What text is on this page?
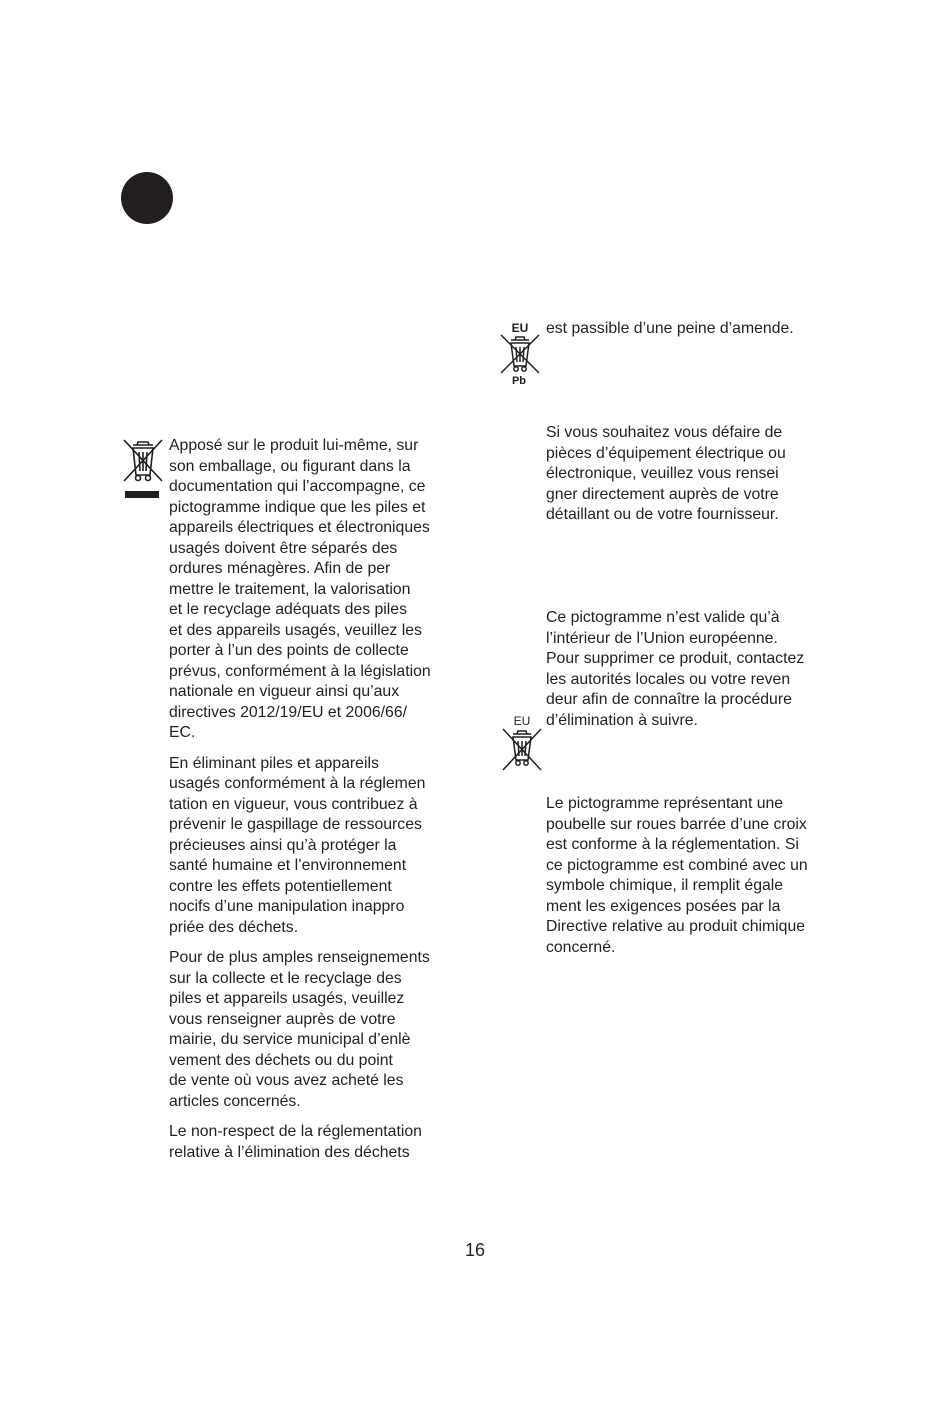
Apposé sur le produit lui-même, sur
son emballage, ou figurant dans la
documentation qui l’accompagne, ce
pictogramme indique que les piles et
appareils électriques et électroniques
usagés doivent être séparés des
ordures ménagères. Afin de per
mettre le traitement, la valorisation
et le recyclage adéquats des piles
et des appareils usagés, veuillez les
porter à l’un des points de collecte
prévus, conformément à la législation
nationale en vigueur ainsi qu’aux
directives 2012/19/EU et 2006/66/
EC.

En éliminant piles et appareils
usagés conformément à la réglemen
tation en vigueur, vous contribuez à
prévenir le gaspillage de ressources
précieuses ainsi qu’à protéger la
santé humaine et l’environnement
contre les effets potentiellement
nocifs d’une manipulation inappro
priée des déchets.

Pour de plus amples renseignements
sur la collecte et le recyclage des
piles et appareils usagés, veuillez
vous renseigner auprès de votre
mairie, du service municipal d’enlè
vement des déchets ou du point
de vente où vous avez acheté les
articles concernés.

Le non-respect de la réglementation
relative à l’élimination des déchets

EU
Pb

est passible d’une peine d’amende.

Si vous souhaitez vous défaire de
pièces d’équipement électrique ou
électronique, veuillez vous rensei
gner directement auprès de votre
détaillant ou de votre fournisseur.

Ce pictogramme n’est valide qu’à
l’intérieur de l’Union européenne.
Pour supprimer ce produit, contactez
les autorités locales ou votre reven
deur afin de connaître la procédure
d’élimination à suivre.

EU

Le pictogramme représentant une
poubelle sur roues barrée d’une croix
est conforme à la réglementation. Si
ce pictogramme est combiné avec un
symbole chimique, il remplit égale
ment les exigences posées par la
Directive relative au produit chimique
concerné.

16
